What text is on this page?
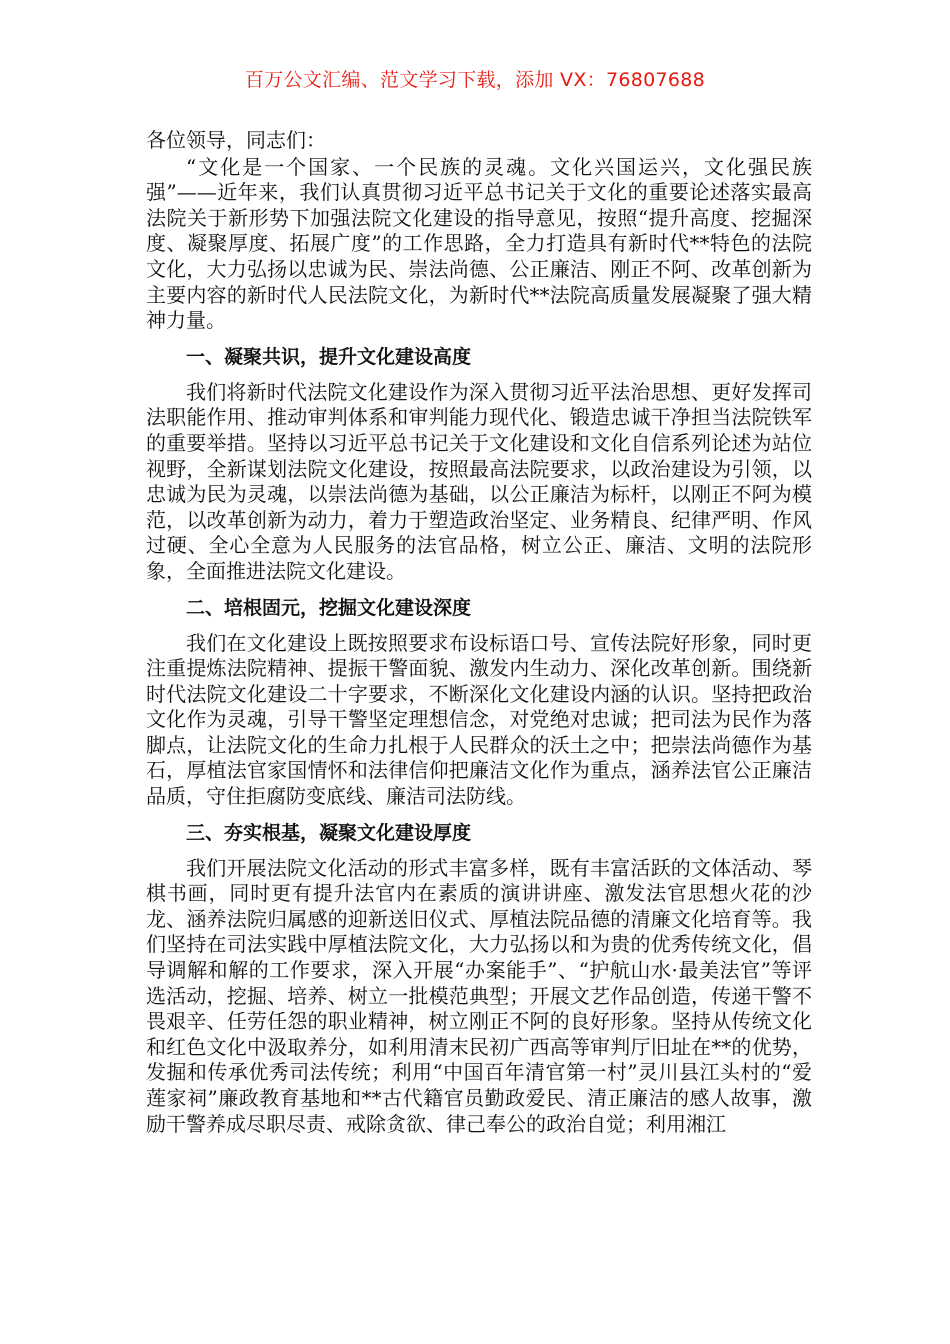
百万公文汇编、范文学习下载，添加 VX：76807688

各位领导，同志们：

“文化是一个国家、一个民族的灵魂。文化兴国运兴，文化强民族强”——近年来，我们认真贯彻习近平总书记关于文化的重要论述落实最高法院关于新形势下加强法院文化建设的指导意见，按照“提升高度、挖掘深度、凝聚厚度、拓展广度”的工作思路，全力打造具有新时代**特色的法院文化，大力弘扬以忠诚为民、崇法尚德、公正廉洁、刚正不阿、改革创新为主要内容的新时代人民法院文化，为新时代**法院高质量发展凝聚了强大精神力量。

一、凝聚共识，提升文化建设高度

我们将新时代法院文化建设作为深入贯彻习近平法治思想、更好发挥司法职能作用、推动审判体系和审判能力现代化、锻造忠诚干净担当法院铁军的重要举措。坚持以习近平总书记关于文化建设和文化自信系列论述为站位视野，全新谋划法院文化建设，按照最高法院要求，以政治建设为引领，以忠诚为民为灵魂，以崇法尚德为基础，以公正廉洁为标杆，以刚正不阿为模范，以改革创新为动力，着力于塑造政治坚定、业务精良、纪律严明、作风过硬、全心全意为人民服务的法官品格，树立公正、廉洁、文明的法院形象，全面推进法院文化建设。

二、培根固元，挖掘文化建设深度

我们在文化建设上既按照要求布设标语口号、宣传法院好形象，同时更注重提炼法院精神、提振干警面貌、激发内生动力、深化改革创新。围绕新时代法院文化建设二十字要求，不断深化文化建设内涵的认识。坚持把政治文化作为灵魂，引导干警坚定理想信念，对党绝对忠诚；把司法为民作为落脚点，让法院文化的生命力扎根于人民群众的沃土之中；把崇法尚德作为基石，厚植法官家国情怀和法律信仰把廉洁文化作为重点，涵养法官公正廉洁品质，守住拒腐防变底线、廉洁司法防线。

三、夯实根基，凝聚文化建设厚度

我们开展法院文化活动的形式丰富多样，既有丰富活跃的文体活动、琴棋书画，同时更有提升法官内在素质的演讲讲座、激发法官思想火花的沙龙、涵养法院归属感的迎新送旧仪式、厚植法院品德的清廉文化培育等。我们坚持在司法实践中厚植法院文化，大力弘扬以和为贵的优秀传统文化，倡导调解和解的工作要求，深入开展“办案能手”、“护航山水·最美法官”等评选活动，挖掘、培养、树立一批模范典型；开展文艺作品创造，传递干警不畏艰辛、任劳任怨的职业精神，树立刚正不阿的良好形象。坚持从传统文化和红色文化中汲取养分，如利用清末民初广西高等审判厅旧址在**的优势，发掘和传承优秀司法传统；利用“中国百年清官第一村”灵川县江头村的“爱莲家祠”廉政教育基地和**古代籍官员勤政爱民、清正廉洁的感人故事，激励干警养成尽职尽责、戒除贪欲、律己奉公的政治自觉；利用湘江
